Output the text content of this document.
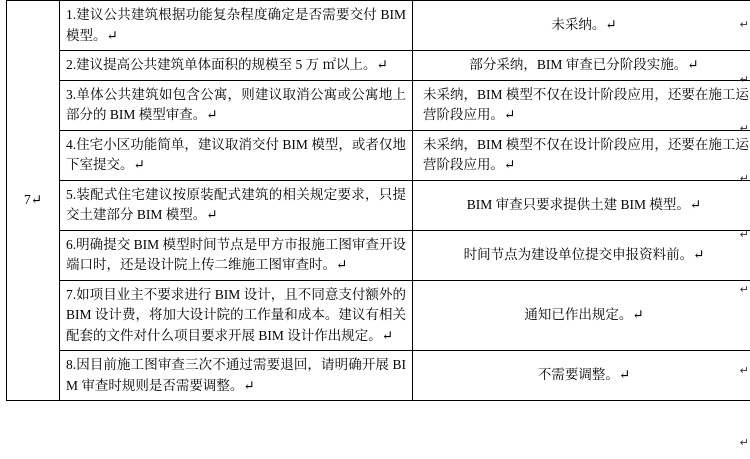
7↵	1.建议公共建筑根据功能复杂程度确定是否需要交付 BIM 模型。↵	未采纳。↵

	2.建议提高公共建筑单体面积的规模至 5 万 ㎡以上。↵	部分采纳，BIM 审查已分阶段实施。↵

	3.单体公共建筑如包含公寓，则建议取消公寓或公寓地上部分的 BIM 模型审查。↵	未采纳，BIM 模型不仅在设计阶段应用，还要在施工运营阶段应用。↵

	4.住宅小区功能简单，建议取消交付 BIM 模型，或者仅地下室提交。↵	未采纳，BIM 模型不仅在设计阶段应用，还要在施工运营阶段应用。↵

	5.装配式住宅建议按原装配式建筑的相关规定要求，只提交土建部分 BIM 模型。↵	BIM 审查只要求提供土建 BIM 模型。↵

	6.明确提交 BIM 模型时间节点是甲方市报施工图审查开设端口时，还是设计院上传二维施工图审查时。↵	时间节点为建设单位提交申报资料前。↵

	7.如项目业主不要求进行 BIM 设计，且不同意支付额外的 BIM 设计费，将加大设计院的工作量和成本。建议有相关配套的文件对什么项目要求开展 BIM 设计作出规定。↵	通知已作出规定。↵

	8.因目前施工图审查三次不通过需要退回，请明确开展 BIM 审查时规则是否需要调整。↵	不需要调整。↵
↵
↵
↵
↵
↵
↵
↵
↵
